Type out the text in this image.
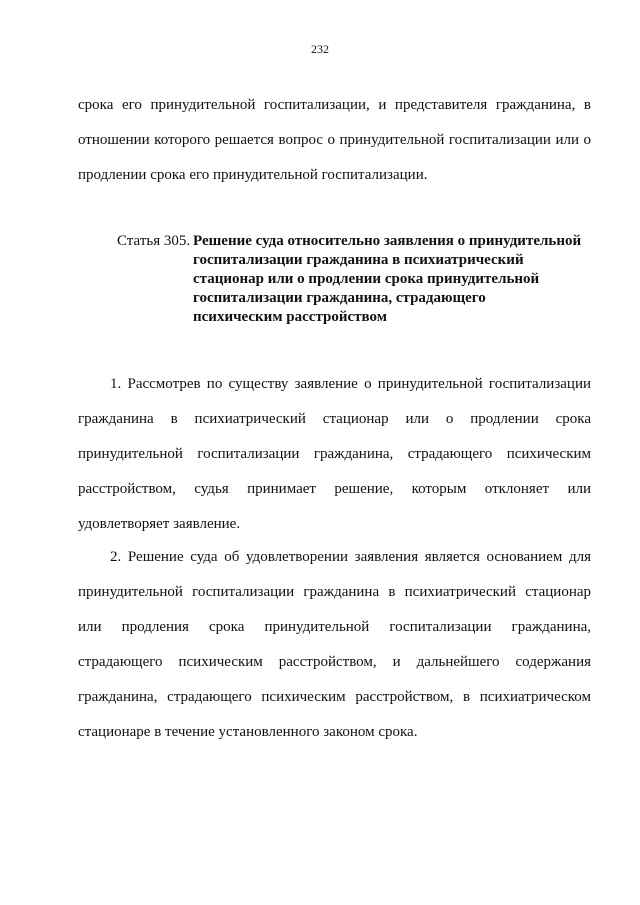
232
срока его принудительной госпитализации, и представителя гражданина, в
отношении которого решается вопрос о принудительной госпитализации или о
продлении срока его принудительной госпитализации.
Статья 305. Решение суда относительно заявления о принудительной
госпитализации гражданина в психиатрический
стационар или о продлении срока принудительной
госпитализации гражданина, страдающего
психическим расстройством
1. Рассмотрев по существу заявление о принудительной госпитализации
гражданина в психиатрический стационар или о продлении срока
принудительной госпитализации гражданина, страдающего психическим
расстройством, судья принимает решение, которым отклоняет или
удовлетворяет заявление.
2. Решение суда об удовлетворении заявления является основанием для
принудительной госпитализации гражданина в психиатрический стационар
или продления срока принудительной госпитализации гражданина,
страдающего психическим расстройством, и дальнейшего содержания
гражданина, страдающего психическим расстройством, в психиатрическом
стационаре в течение установленного законом срока.
